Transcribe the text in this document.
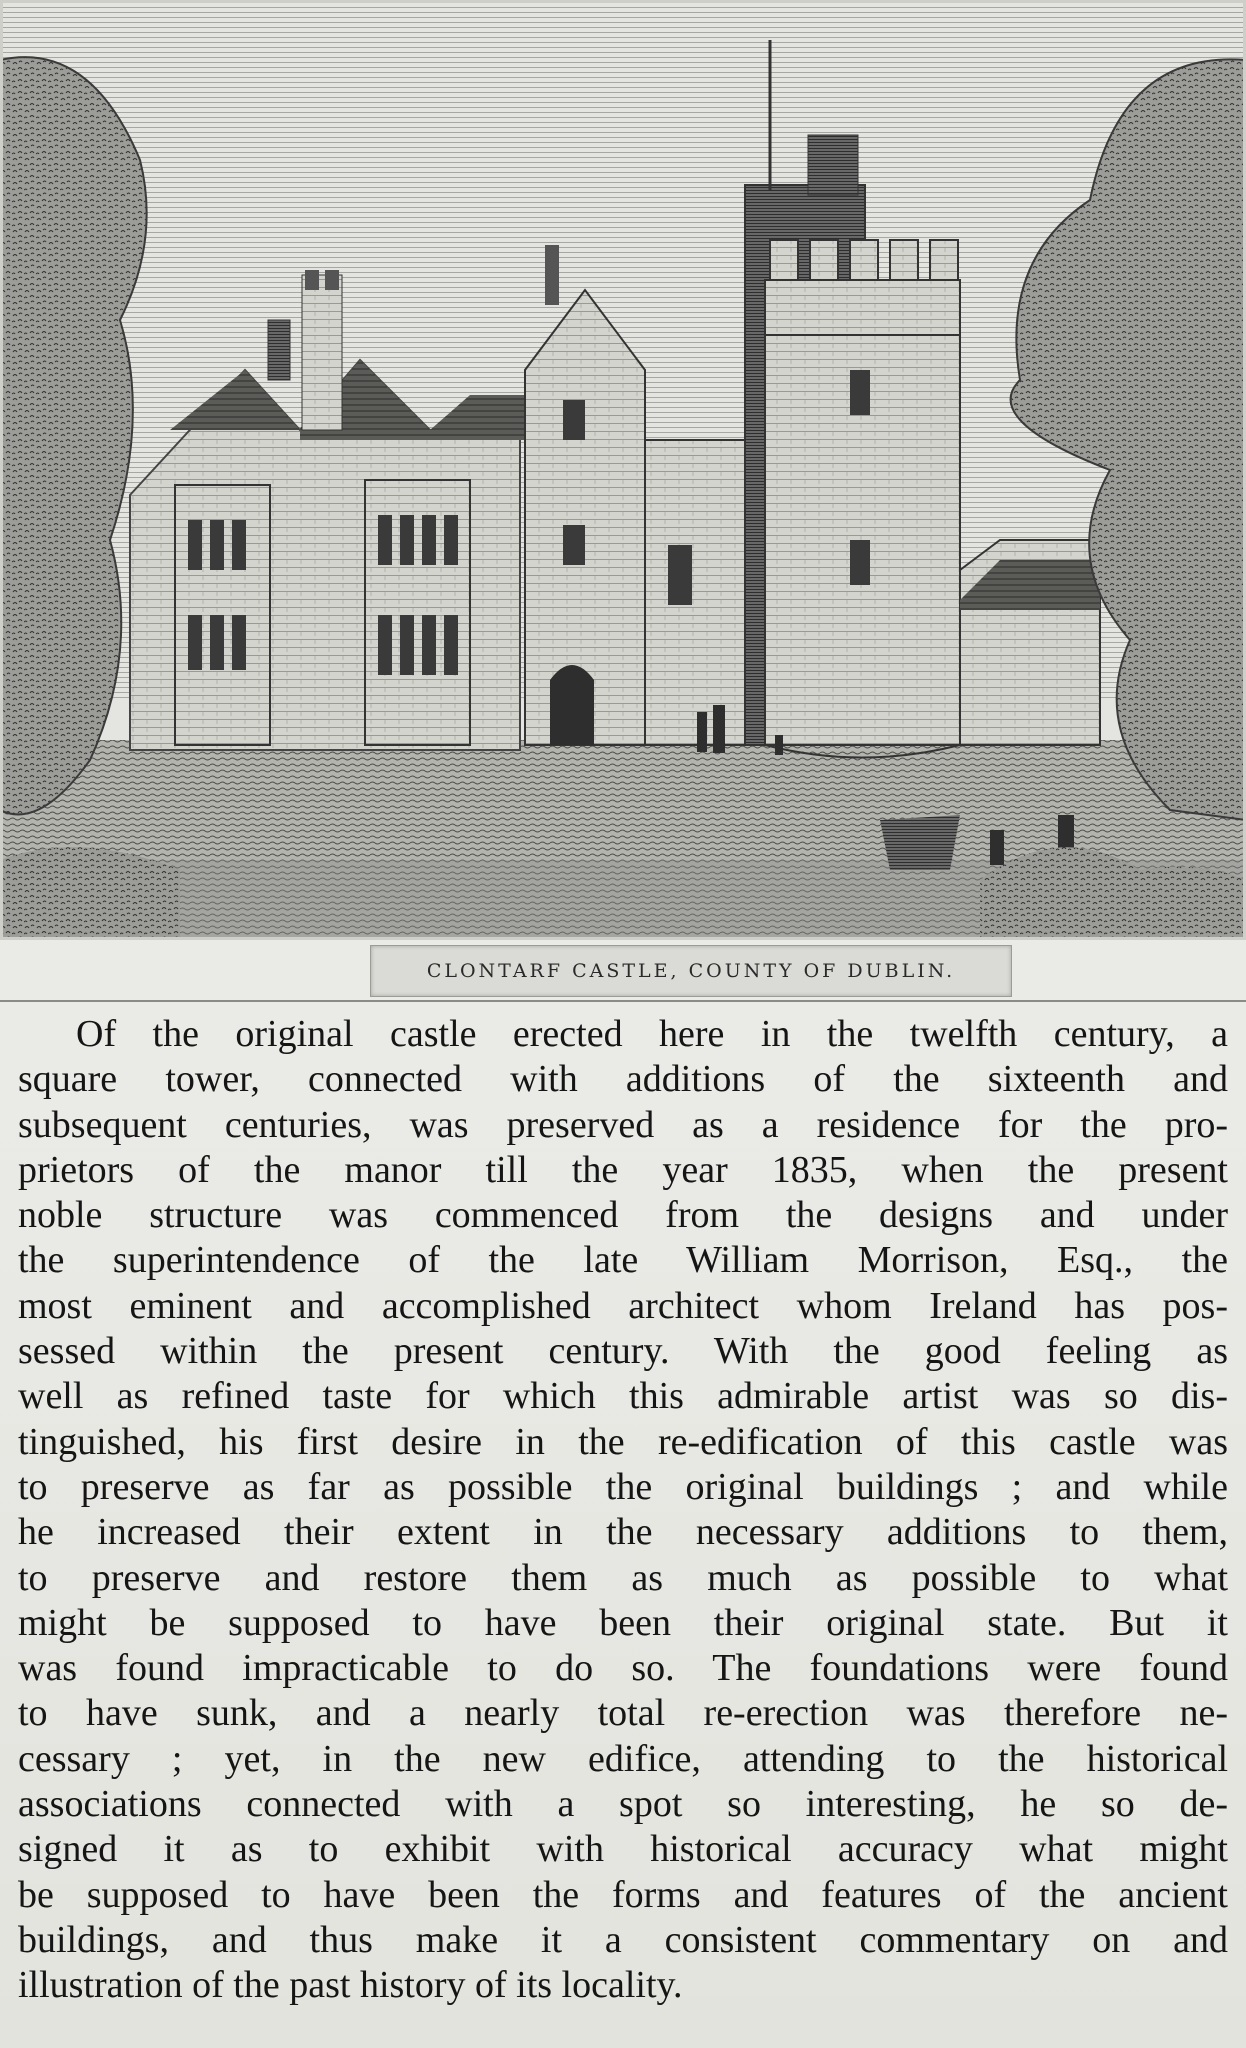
CLONTARF CASTLE, COUNTY OF DUBLIN.
Of the original castle erected here in the twelfth century, a
square tower, connected with additions of the sixteenth and
subsequent centuries, was preserved as a residence for the pro-
prietors of the manor till the year 1835, when the present
noble structure was commenced from the designs and under
the superintendence of the late William Morrison, Esq., the
most eminent and accomplished architect whom Ireland has pos-
sessed within the present century. With the good feeling as
well as refined taste for which this admirable artist was so dis-
tinguished, his first desire in the re-edification of this castle was
to preserve as far as possible the original buildings ; and while
he increased their extent in the necessary additions to them,
to preserve and restore them as much as possible to what
might be supposed to have been their original state. But it
was found impracticable to do so. The foundations were found
to have sunk, and a nearly total re-erection was therefore ne-
cessary ; yet, in the new edifice, attending to the historical
associations connected with a spot so interesting, he so de-
signed it as to exhibit with historical accuracy what might
be supposed to have been the forms and features of the ancient
buildings, and thus make it a consistent commentary on and
illustration of the past history of its locality.
